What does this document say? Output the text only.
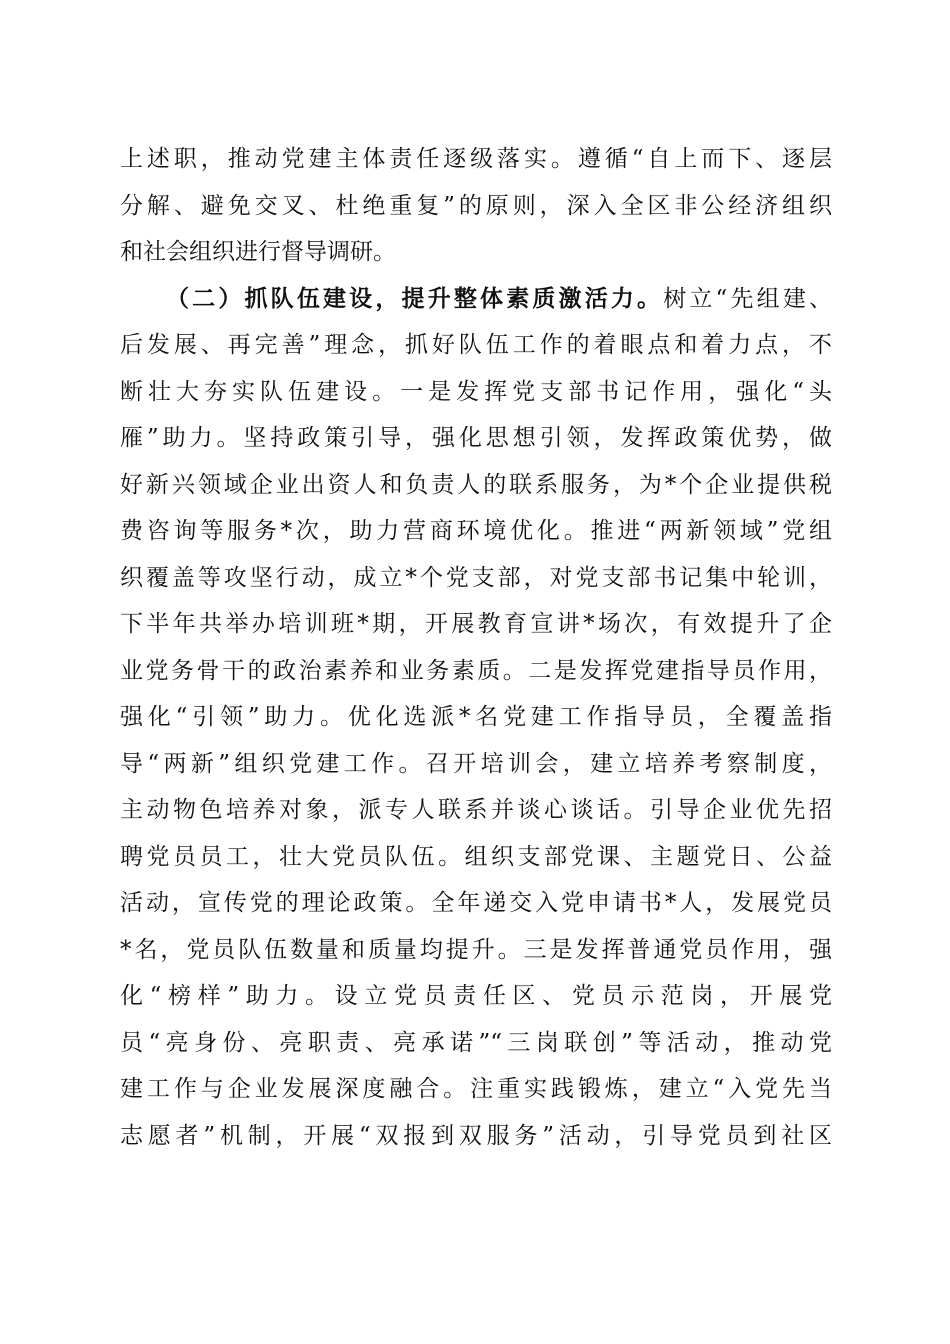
上述职，推动党建主体责任逐级落实。遵循“自上而下、逐层
分解、避免交叉、杜绝重复”的原则，深入全区非公经济组织
和社会组织进行督导调研。
（二）抓队伍建设，提升整体素质激活力。树立“先组建、
后发展、再完善”理念，抓好队伍工作的着眼点和着力点，不
断壮大夯实队伍建设。一是发挥党支部书记作用，强化“头
雁”助力。坚持政策引导，强化思想引领，发挥政策优势，做
好新兴领域企业出资人和负责人的联系服务，为*个企业提供税
费咨询等服务*次，助力营商环境优化。推进“两新领域”党组
织覆盖等攻坚行动，成立*个党支部，对党支部书记集中轮训，
下半年共举办培训班*期，开展教育宣讲*场次，有效提升了企
业党务骨干的政治素养和业务素质。二是发挥党建指导员作用，
强化“引领”助力。优化选派*名党建工作指导员，全覆盖指
导“两新”组织党建工作。召开培训会，建立培养考察制度，
主动物色培养对象，派专人联系并谈心谈话。引导企业优先招
聘党员员工，壮大党员队伍。组织支部党课、主题党日、公益
活动，宣传党的理论政策。全年递交入党申请书*人，发展党员
*名，党员队伍数量和质量均提升。三是发挥普通党员作用，强
化“榜样”助力。设立党员责任区、党员示范岗，开展党
员“亮身份、亮职责、亮承诺”“三岗联创”等活动，推动党
建工作与企业发展深度融合。注重实践锻炼，建立“入党先当
志愿者”机制，开展“双报到双服务”活动，引导党员到社区
